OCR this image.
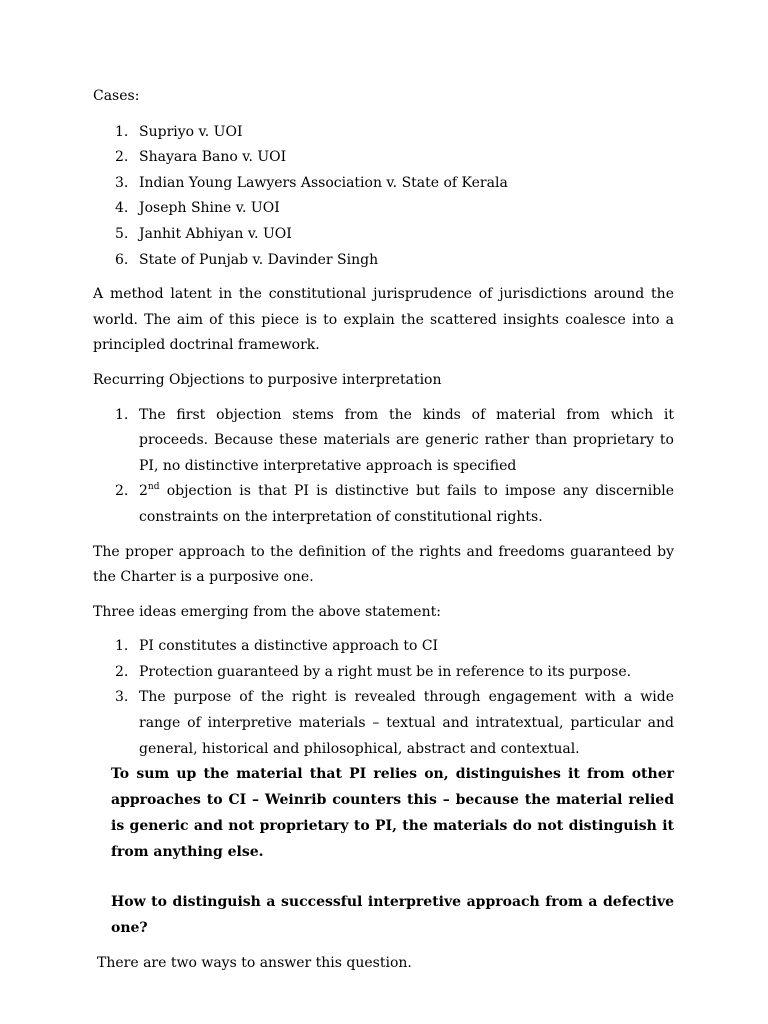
Cases:
1. Supriyo v. UOI
2. Shayara Bano v. UOI
3. Indian Young Lawyers Association v. State of Kerala
4. Joseph Shine v. UOI
5. Janhit Abhiyan v. UOI
6. State of Punjab v. Davinder Singh

A method latent in the constitutional jurisprudence of jurisdictions around the world. The aim of this piece is to explain the scattered insights coalesce into a principled doctrinal framework.

Recurring Objections to purposive interpretation
1. The first objection stems from the kinds of material from which it proceeds. Because these materials are generic rather than proprietary to PI, no distinctive interpretative approach is specified
2. 2nd objection is that PI is distinctive but fails to impose any discernible constraints on the interpretation of constitutional rights.

The proper approach to the definition of the rights and freedoms guaranteed by the Charter is a purposive one.

Three ideas emerging from the above statement:
1. PI constitutes a distinctive approach to CI
2. Protection guaranteed by a right must be in reference to its purpose.
3. The purpose of the right is revealed through engagement with a wide range of interpretive materials – textual and intratextual, particular and general, historical and philosophical, abstract and contextual.

To sum up the material that PI relies on, distinguishes it from other approaches to CI – Weinrib counters this – because the material relied is generic and not proprietary to PI, the materials do not distinguish it from anything else.

How to distinguish a successful interpretive approach from a defective one?

There are two ways to answer this question.
